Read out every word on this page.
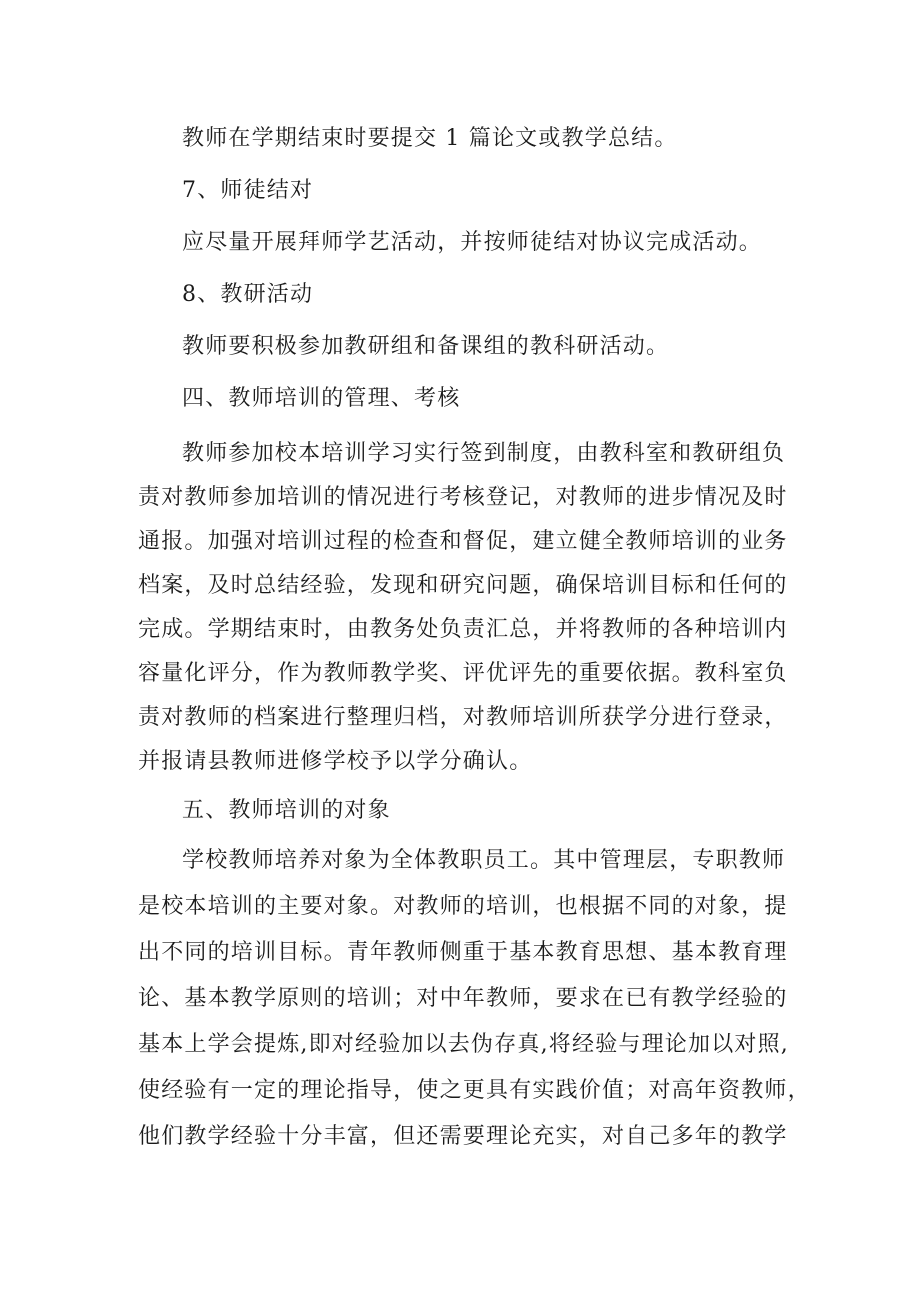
教师在学期结束时要提交 1 篇论文或教学总结。

7、师徒结对

应尽量开展拜师学艺活动，并按师徒结对协议完成活动。

8、教研活动

教师要积极参加教研组和备课组的教科研活动。

四、教师培训的管理、考核

教师参加校本培训学习实行签到制度，由教科室和教研组负

责对教师参加培训的情况进行考核登记，对教师的进步情况及时

通报。加强对培训过程的检查和督促，建立健全教师培训的业务

档案，及时总结经验，发现和研究问题，确保培训目标和任何的

完成。学期结束时，由教务处负责汇总，并将教师的各种培训内

容量化评分，作为教师教学奖、评优评先的重要依据。教科室负

责对教师的档案进行整理归档，对教师培训所获学分进行登录，

并报请县教师进修学校予以学分确认。

五、教师培训的对象

学校教师培养对象为全体教职员工。其中管理层，专职教师

是校本培训的主要对象。对教师的培训，也根据不同的对象，提

出不同的培训目标。青年教师侧重于基本教育思想、基本教育理

论、基本教学原则的培训；对中年教师，要求在已有教学经验的

基本上学会提炼,即对经验加以去伪存真,将经验与理论加以对照,

使经验有一定的理论指导，使之更具有实践价值；对高年资教师，

他们教学经验十分丰富，但还需要理论充实，对自己多年的教学
